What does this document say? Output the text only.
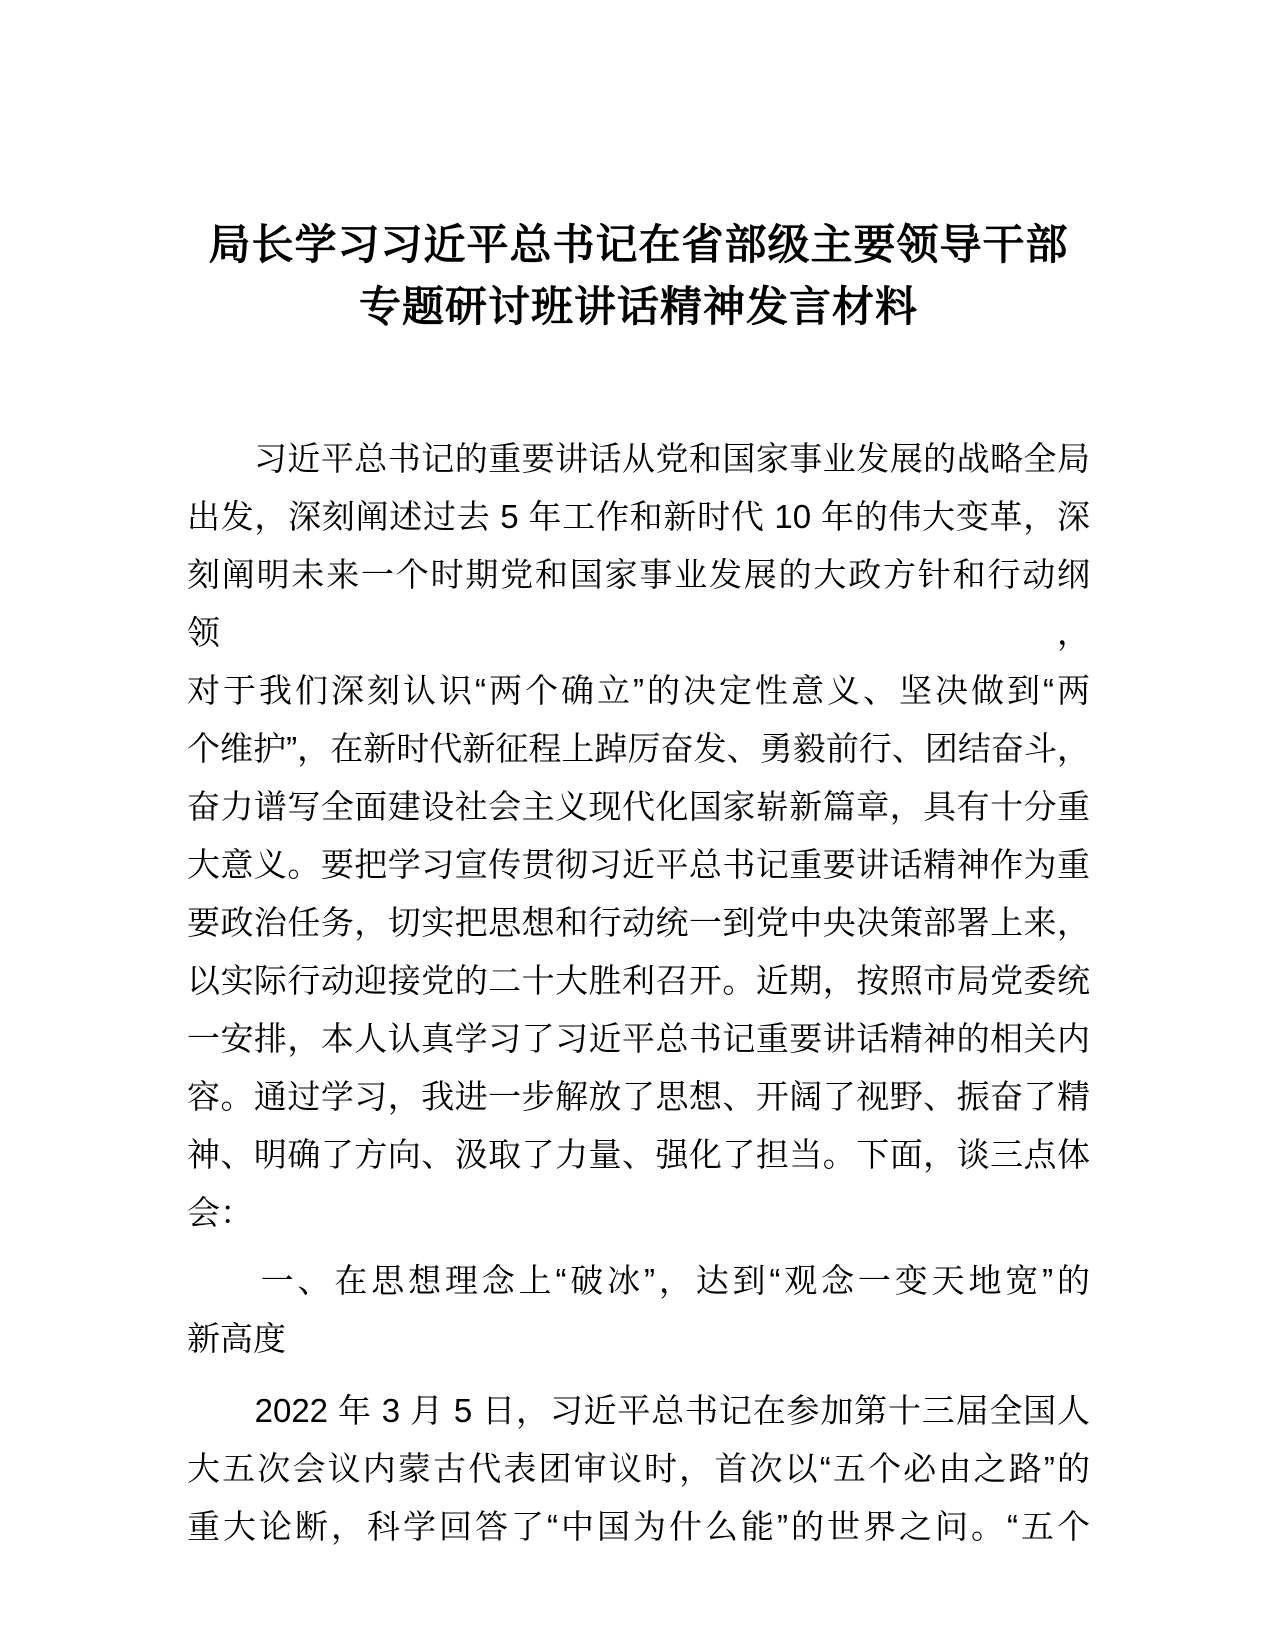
局长学习习近平总书记在省部级主要领导干部
专题研讨班讲话精神发言材料
　　习近平总书记的重要讲话从党和国家事业发展的战略全局
出发，深刻阐述过去 5 年工作和新时代 10 年的伟大变革，深
刻阐明未来一个时期党和国家事业发展的大政方针和行动纲领，
对于我们深刻认识“两个确立”的决定性意义、坚决做到“两
个维护”，在新时代新征程上踔厉奋发、勇毅前行、团结奋斗，
奋力谱写全面建设社会主义现代化国家崭新篇章，具有十分重
大意义。要把学习宣传贯彻习近平总书记重要讲话精神作为重
要政治任务，切实把思想和行动统一到党中央决策部署上来，
以实际行动迎接党的二十大胜利召开。近期，按照市局党委统
一安排，本人认真学习了习近平总书记重要讲话精神的相关内
容。通过学习，我进一步解放了思想、开阔了视野、振奋了精
神、明确了方向、汲取了力量、强化了担当。下面，谈三点体
会：
　　一、在思想理念上“破冰”，达到“观念一变天地宽”的
新高度
　　2022 年 3 月 5 日，习近平总书记在参加第十三届全国人
大五次会议内蒙古代表团审议时，首次以“五个必由之路”的
重大论断，科学回答了“中国为什么能”的世界之问。“五个
